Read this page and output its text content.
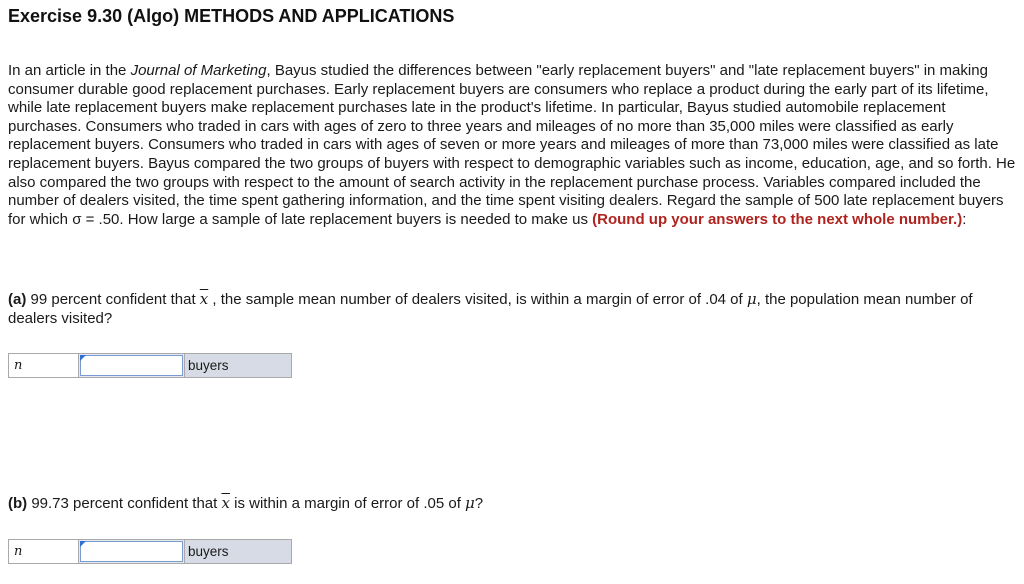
Exercise 9.30 (Algo) METHODS AND APPLICATIONS
In an article in the Journal of Marketing, Bayus studied the differences between "early replacement buyers" and "late replacement buyers" in making consumer durable good replacement purchases. Early replacement buyers are consumers who replace a product during the early part of its lifetime, while late replacement buyers make replacement purchases late in the product's lifetime. In particular, Bayus studied automobile replacement purchases. Consumers who traded in cars with ages of zero to three years and mileages of no more than 35,000 miles were classified as early replacement buyers. Consumers who traded in cars with ages of seven or more years and mileages of more than 73,000 miles were classified as late replacement buyers. Bayus compared the two groups of buyers with respect to demographic variables such as income, education, age, and so forth. He also compared the two groups with respect to the amount of search activity in the replacement purchase process. Variables compared included the number of dealers visited, the time spent gathering information, and the time spent visiting dealers. Regard the sample of 500 late replacement buyers for which σ = .50. How large a sample of late replacement buyers is needed to make us (Round up your answers to the next whole number.):
(a) 99 percent confident that $\overline{x}$ , the sample mean number of dealers visited, is within a margin of error of .04 of μ, the population mean number of dealers visited?
n	buyers
(b) 99.73 percent confident that $\overline{x}$ is within a margin of error of .05 of μ?
n	buyers
